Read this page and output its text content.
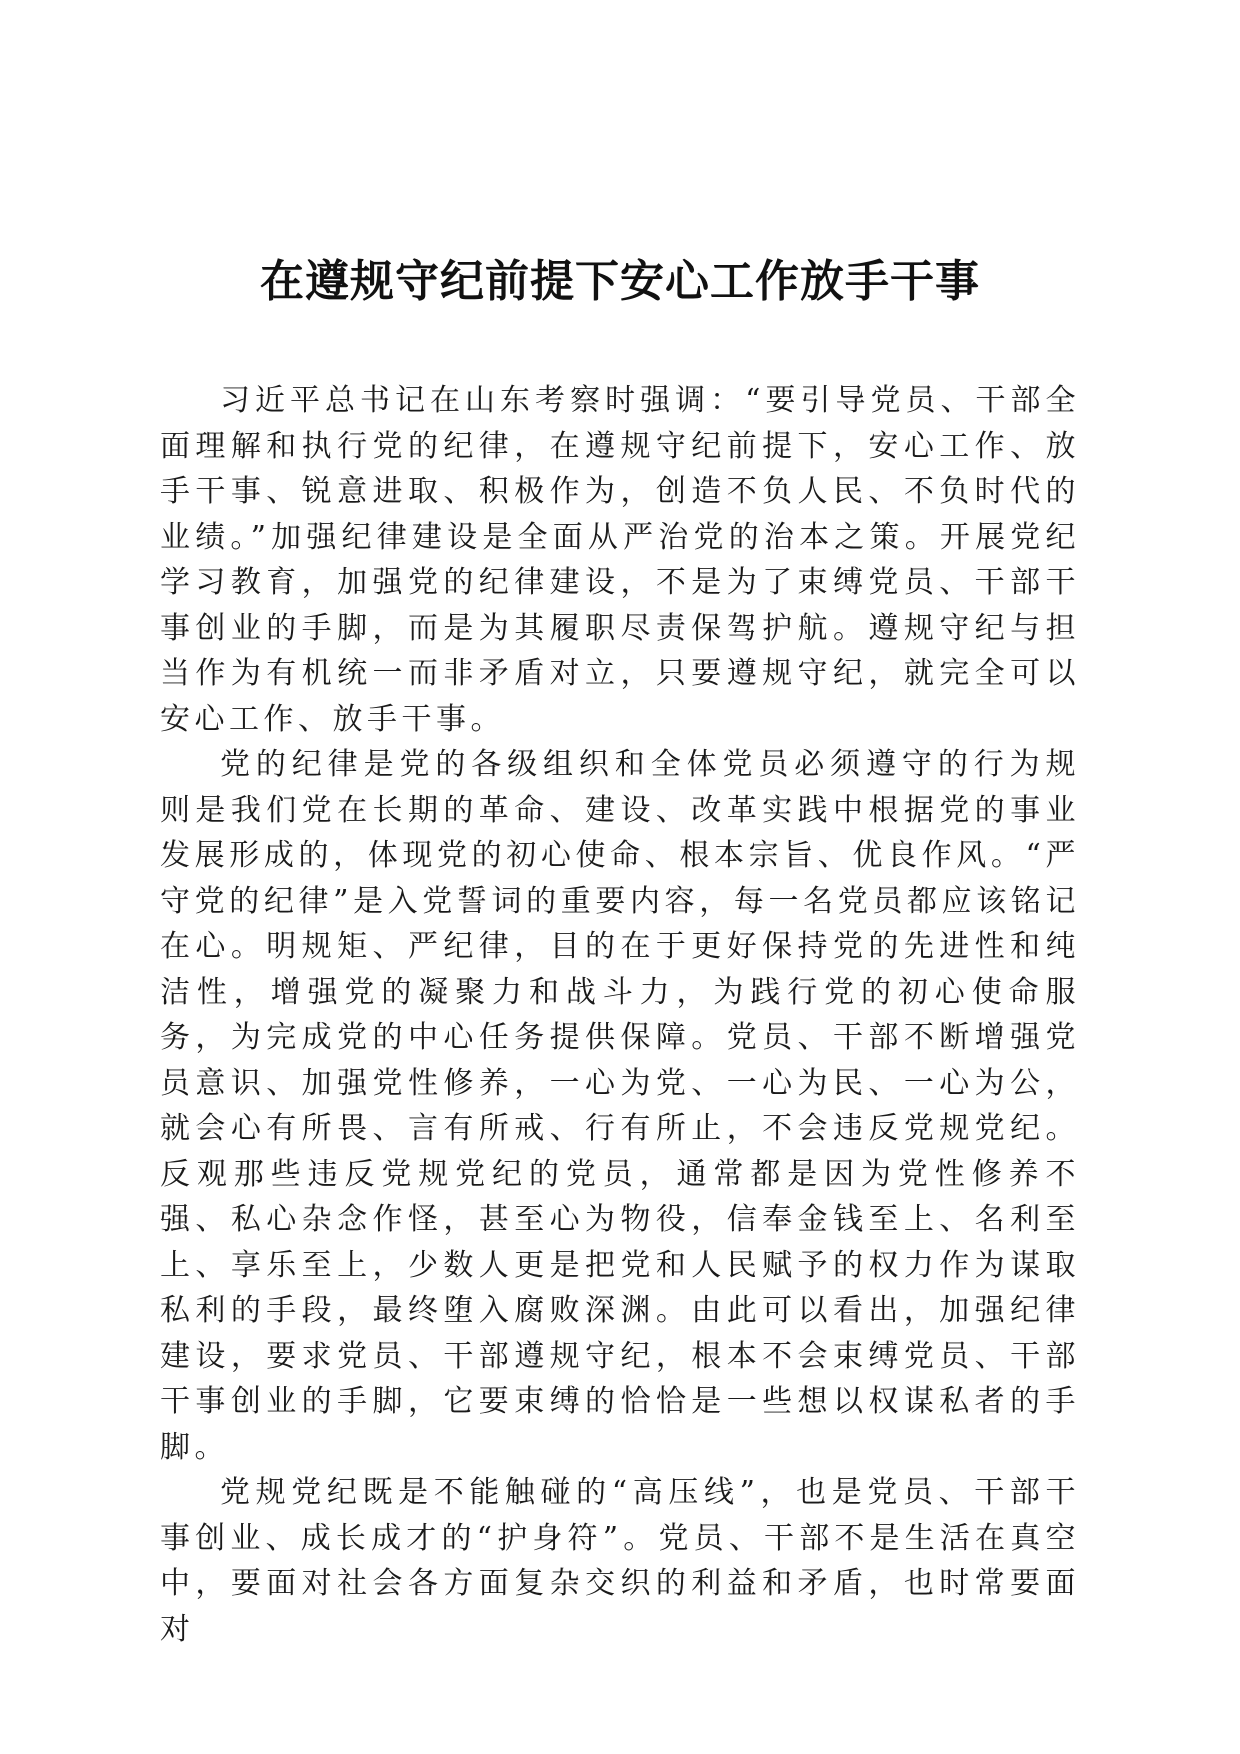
在遵规守纪前提下安心工作放手干事

习近平总书记在山东考察时强调：“要引导党员、干部全面理解和执行党的纪律，在遵规守纪前提下，安心工作、放手干事、锐意进取、积极作为，创造不负人民、不负时代的业绩。”加强纪律建设是全面从严治党的治本之策。开展党纪学习教育，加强党的纪律建设，不是为了束缚党员、干部干事创业的手脚，而是为其履职尽责保驾护航。遵规守纪与担当作为有机统一而非矛盾对立，只要遵规守纪，就完全可以安心工作、放手干事。

党的纪律是党的各级组织和全体党员必须遵守的行为规则是我们党在长期的革命、建设、改革实践中根据党的事业发展形成的，体现党的初心使命、根本宗旨、优良作风。“严守党的纪律”是入党誓词的重要内容，每一名党员都应该铭记在心。明规矩、严纪律，目的在于更好保持党的先进性和纯洁性，增强党的凝聚力和战斗力，为践行党的初心使命服务，为完成党的中心任务提供保障。党员、干部不断增强党员意识、加强党性修养，一心为党、一心为民、一心为公，就会心有所畏、言有所戒、行有所止，不会违反党规党纪。反观那些违反党规党纪的党员，通常都是因为党性修养不强、私心杂念作怪，甚至心为物役，信奉金钱至上、名利至上、享乐至上，少数人更是把党和人民赋予的权力作为谋取私利的手段，最终堕入腐败深渊。由此可以看出，加强纪律建设，要求党员、干部遵规守纪，根本不会束缚党员、干部干事创业的手脚，它要束缚的恰恰是一些想以权谋私者的手脚。

党规党纪既是不能触碰的“高压线”，也是党员、干部干事创业、成长成才的“护身符”。党员、干部不是生活在真空中，要面对社会各方面复杂交织的利益和矛盾，也时常要面对
